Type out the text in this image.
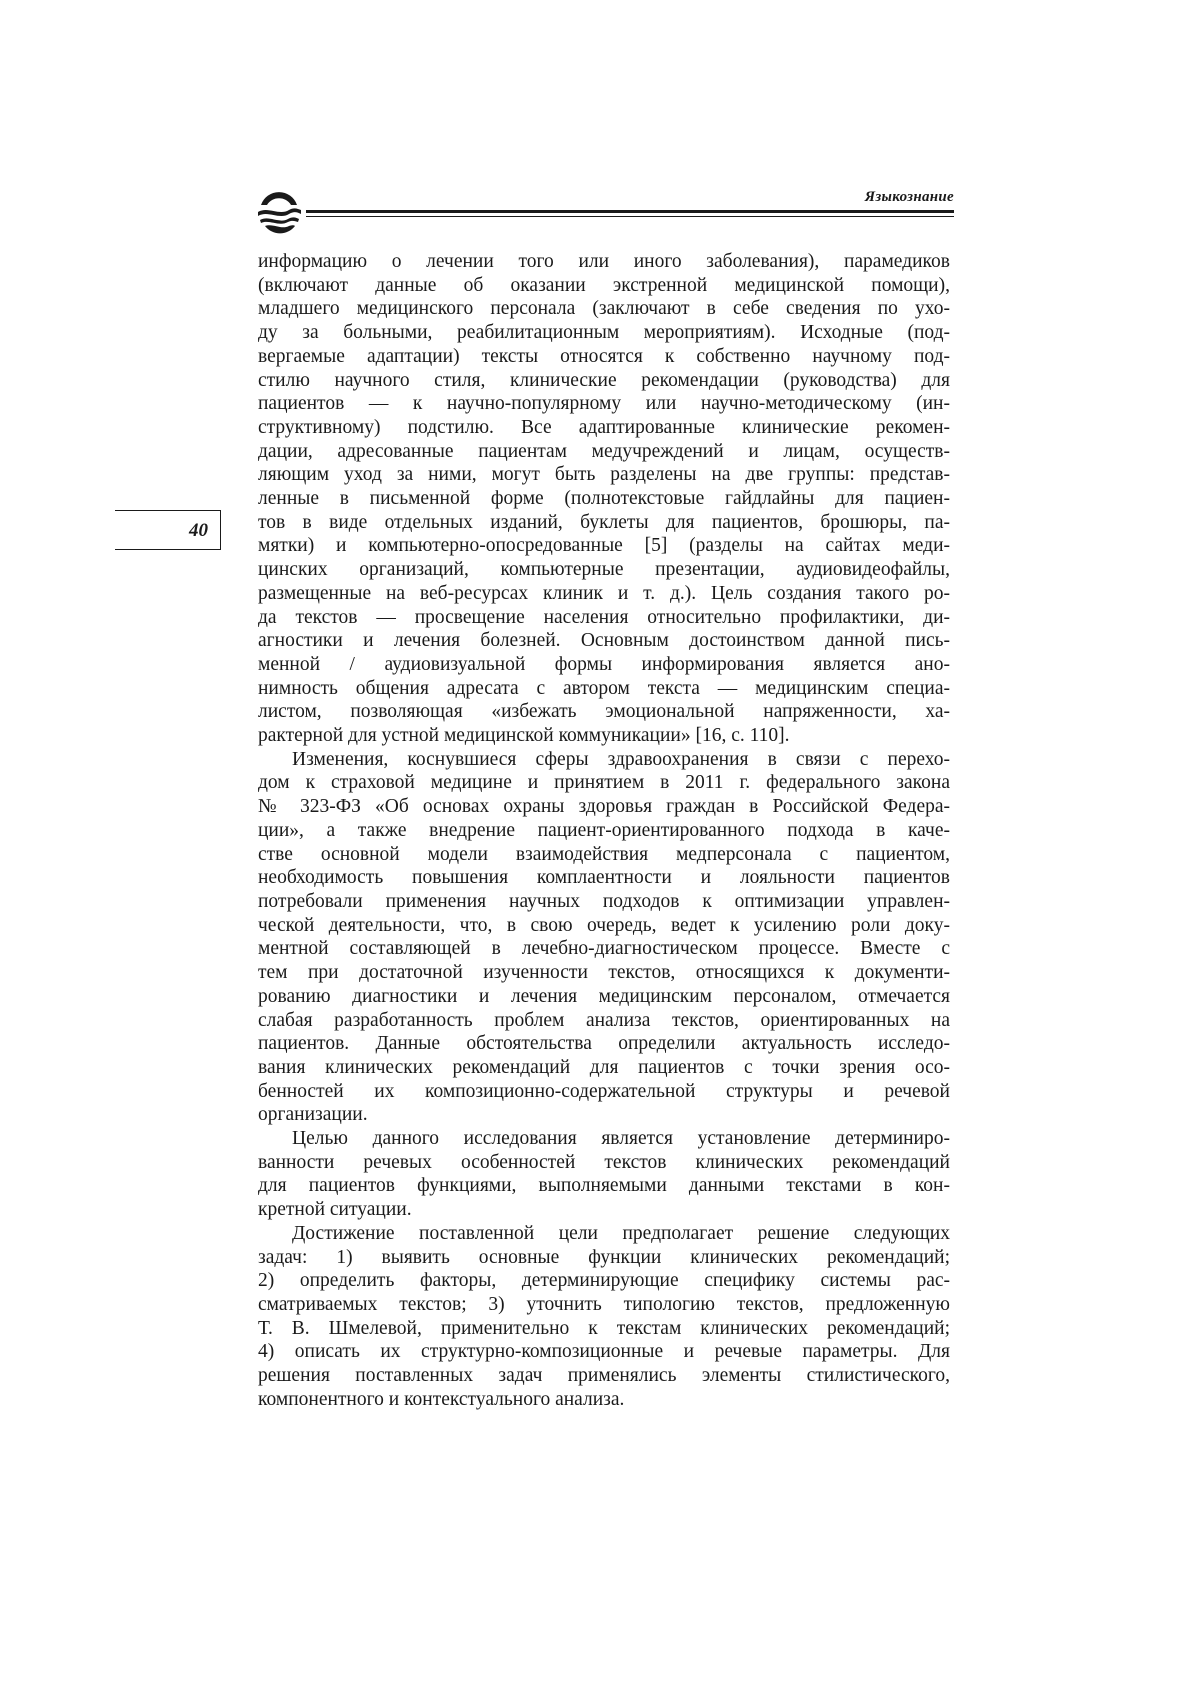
Языкознание
40
информацию о лечении того или иного заболевания), парамедиков
(включают данные об оказании экстренной медицинской помощи),
младшего медицинского персонала (заключают в себе сведения по ухо-
ду за больными, реабилитационным мероприятиям). Исходные (под-
вергаемые адаптации) тексты относятся к собственно научному под-
стилю научного стиля, клинические рекомендации (руководства) для
пациентов — к научно-популярному или научно-методическому (ин-
структивному) подстилю. Все адаптированные клинические рекомен-
дации, адресованные пациентам медучреждений и лицам, осуществ-
ляющим уход за ними, могут быть разделены на две группы: представ-
ленные в письменной форме (полнотекстовые гайдлайны для пациен-
тов в виде отдельных изданий, буклеты для пациентов, брошюры, па-
мятки) и компьютерно-опосредованные [5] (разделы на сайтах меди-
цинских организаций, компьютерные презентации, аудиовидеофайлы,
размещенные на веб-ресурсах клиник и т. д.). Цель создания такого ро-
да текстов — просвещение населения относительно профилактики, ди-
агностики и лечения болезней. Основным достоинством данной пись-
менной / аудиовизуальной формы информирования является ано-
нимность общения адресата с автором текста — медицинским специа-
листом, позволяющая «избежать эмоциональной напряженности, ха-
рактерной для устной медицинской коммуникации» [16, с. 110].
Изменения, коснувшиеся сферы здравоохранения в связи с перехо-
дом к страховой медицине и принятием в 2011 г. федерального закона
№ 323-ФЗ «Об основах охраны здоровья граждан в Российской Федера-
ции», а также внедрение пациент-ориентированного подхода в каче-
стве основной модели взаимодействия медперсонала с пациентом,
необходимость повышения комплаентности и лояльности пациентов
потребовали применения научных подходов к оптимизации управлен-
ческой деятельности, что, в свою очередь, ведет к усилению роли доку-
ментной составляющей в лечебно-диагностическом процессе. Вместе с
тем при достаточной изученности текстов, относящихся к документи-
рованию диагностики и лечения медицинским персоналом, отмечается
слабая разработанность проблем анализа текстов, ориентированных на
пациентов. Данные обстоятельства определили актуальность исследо-
вания клинических рекомендаций для пациентов с точки зрения осо-
бенностей их композиционно-содержательной структуры и речевой
организации.
Целью данного исследования является установление детерминиро-
ванности речевых особенностей текстов клинических рекомендаций
для пациентов функциями, выполняемыми данными текстами в кон-
кретной ситуации.
Достижение поставленной цели предполагает решение следующих
задач: 1) выявить основные функции клинических рекомендаций;
2) определить факторы, детерминирующие специфику системы рас-
сматриваемых текстов; 3) уточнить типологию текстов, предложенную
Т. В. Шмелевой, применительно к текстам клинических рекомендаций;
4) описать их структурно-композиционные и речевые параметры. Для
решения поставленных задач применялись элементы стилистического,
компонентного и контекстуального анализа.
